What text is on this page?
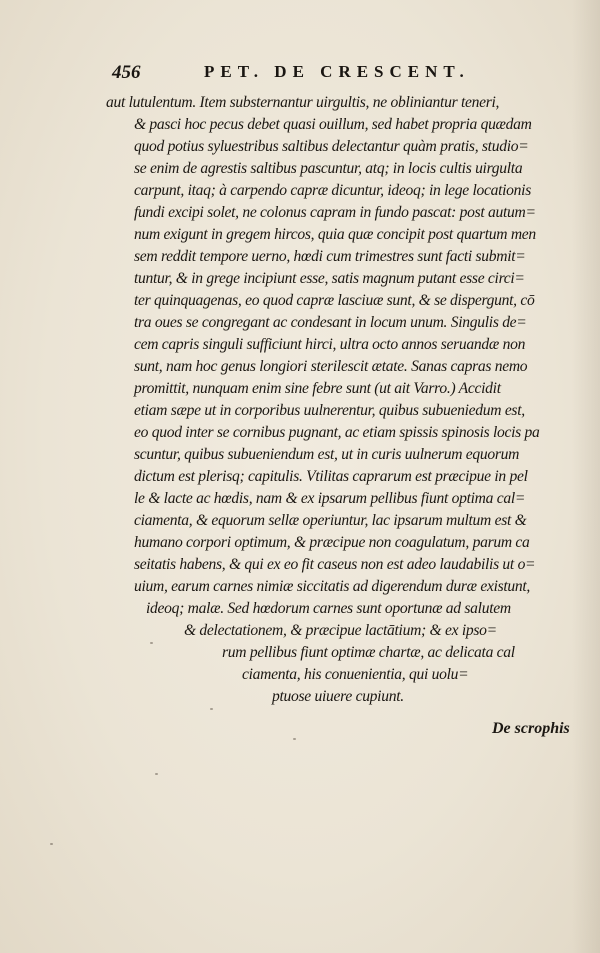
456	PET. DE CRESCENT.
aut lutulentum. Item substernantur uirgultis, ne obliniantur teneri,
& pasci hoc pecus debet quasi ouillum, sed habet propria quædam
quod potius syluestribus saltibus delectantur quàm pratis, studio=
se enim de agrestis saltibus pascuntur, atq; in locis cultis uirgulta
carpunt, itaq; à carpendo capræ dicuntur, ideoq; in lege locationis
fundi excipi solet, ne colonus capram in fundo pascat: post autum=
num exigunt in gregem hircos, quia quæ concipit post quartum men
sem reddit tempore uerno, hœdi cum trimestres sunt facti submit=
tuntur, & in grege incipiunt esse, satis magnum putant esse circi=
ter quinquagenas, eo quod capræ lasciuæ sunt, & se dispergunt, cō
tra oues se congregant ac condesant in locum unum. Singulis de=
cem capris singuli sufficiunt hirci, ultra octo annos seruandæ non
sunt, nam hoc genus longiori sterilescit ætate. Sanas capras nemo
promittit, nunquam enim sine febre sunt (ut ait Varro.) Accidit
etiam sæpe ut in corporibus uulnerentur, quibus subueniedum est,
eo quod inter se cornibus pugnant, ac etiam spissis spinosis locis pa
scuntur, quibus subueniendum est, ut in curis uulnerum equorum
dictum est plerisq; capitulis. Vtilitas caprarum est præcipue in pel
le & lacte ac hœdis, nam & ex ipsarum pellibus fiunt optima cal=
ciamenta, & equorum sellæ operiuntur, lac ipsarum multum est &
humano corpori optimum, & præcipue non coagulatum, parum ca
seitatis habens, & qui ex eo fit caseus non est adeo laudabilis ut o=
uium, earum carnes nimiæ siccitatis ad digerendum duræ existunt,
ideoq; malæ. Sed hœdorum carnes sunt oportunæ ad salutem
& delectationem, & præcipue lactātium; & ex ipso=
rum pellibus fiunt optimæ chartæ, ac delicata cal
ciamenta, his conuenientia, qui uolu=
ptuose uiuere cupiunt.
De scrophis
